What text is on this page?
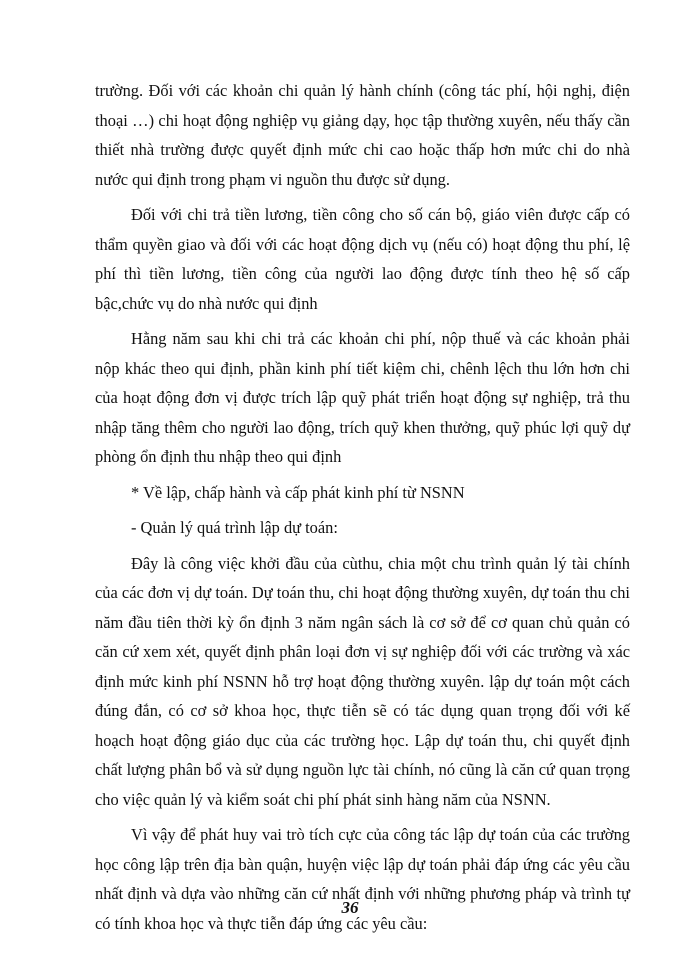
trường. Đối với các khoản chi quản lý hành chính (công tác phí, hội nghị, điện thoại …) chi hoạt động nghiệp vụ giảng dạy, học tập thường xuyên, nếu thấy cần thiết nhà trường được quyết định mức chi cao hoặc thấp hơn mức chi do nhà nước qui định trong phạm vi nguồn thu được sử dụng.

Đối với chi trả tiền lương, tiền công cho số cán bộ, giáo viên được cấp có thẩm quyền giao và đối với các hoạt động dịch vụ (nếu có) hoạt động thu phí, lệ phí thì tiền lương, tiền công của người lao động được tính theo hệ số cấp bậc,chức vụ do nhà nước qui định

Hằng năm sau khi chi trả các khoản chi phí, nộp thuế và các khoản phải nộp khác theo qui định, phần kinh phí tiết kiệm chi, chênh lệch thu lớn hơn chi của hoạt động đơn vị được trích lập quỹ phát triển hoạt động sự nghiệp, trả thu nhập tăng thêm cho người lao động, trích quỹ khen thưởng, quỹ phúc lợi quỹ dự phòng ổn định thu nhập theo qui định

* Về lập, chấp hành và cấp phát kinh phí từ NSNN

- Quản lý quá trình lập dự toán:

Đây là công việc khởi đầu của cùthu, chia một chu trình quản lý tài chính của các đơn vị dự toán. Dự toán thu, chi hoạt động thường xuyên, dự toán thu chi năm đầu tiên thời kỳ ổn định 3 năm ngân sách là cơ sở để cơ quan chủ quản có căn cứ xem xét, quyết định phân loại đơn vị sự nghiệp đối với các trường và xác định mức kinh phí NSNN hỗ trợ hoạt động thường xuyên. lập dự toán một cách đúng đắn, có cơ sở khoa học, thực tiễn sẽ có tác dụng quan trọng đối với kế hoạch hoạt động giáo dục của các trường học. Lập dự toán thu, chi quyết định chất lượng phân bổ và sử dụng nguồn lực tài chính, nó cũng là căn cứ quan trọng cho việc quản lý và kiểm soát chi phí phát sinh hàng năm của NSNN.

Vì vậy để phát huy vai trò tích cực của công tác lập dự toán của các trường học công lập trên địa bàn quận, huyện việc lập dự toán phải đáp ứng các yêu cầu nhất định và dựa vào những căn cứ nhất định với những phương pháp và trình tự có tính khoa học và thực tiễn đáp ứng các yêu cầu:

36
